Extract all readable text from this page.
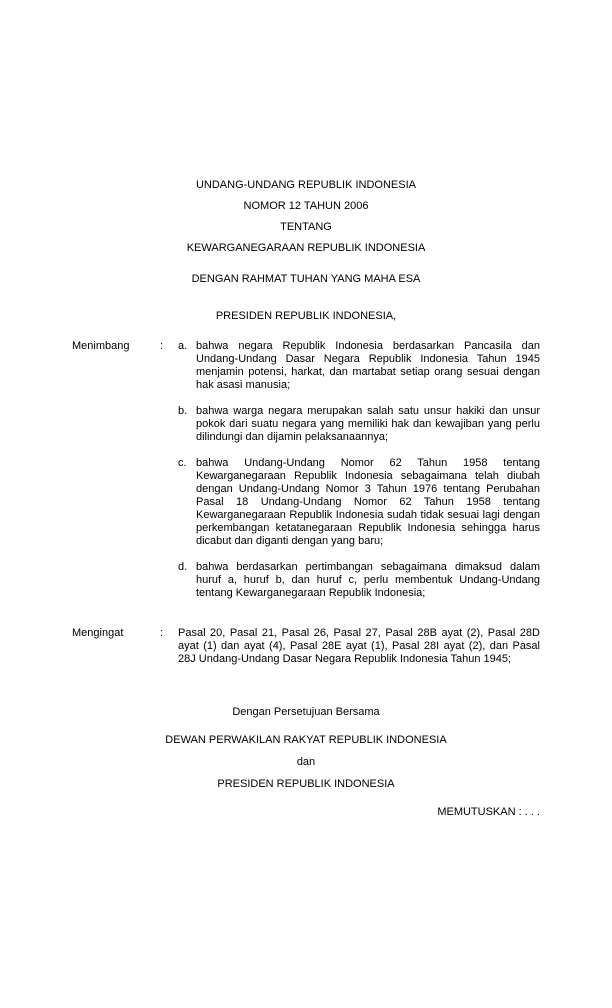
UNDANG-UNDANG REPUBLIK INDONESIA
NOMOR 12 TAHUN 2006
TENTANG
KEWARGANEGARAAN REPUBLIK INDONESIA
DENGAN RAHMAT TUHAN YANG MAHA ESA
PRESIDEN REPUBLIK INDONESIA,
Menimbang	:	a. bahwa negara Republik Indonesia berdasarkan Pancasila dan Undang-Undang Dasar Negara Republik Indonesia Tahun 1945 menjamin potensi, harkat, dan martabat setiap orang sesuai dengan hak asasi manusia;
b. bahwa warga negara merupakan salah satu unsur hakiki dan unsur pokok dari suatu negara yang memiliki hak dan kewajiban yang perlu dilindungi dan dijamin pelaksanaannya;
c. bahwa Undang-Undang Nomor 62 Tahun 1958 tentang Kewarganegaraan Republik Indonesia sebagaimana telah diubah dengan Undang-Undang Nomor 3 Tahun 1976 tentang Perubahan Pasal 18 Undang-Undang Nomor 62 Tahun 1958 tentang Kewarganegaraan Republik Indonesia sudah tidak sesuai lagi dengan perkembangan ketatanegaraan Republik Indonesia sehingga harus dicabut dan diganti dengan yang baru;
d. bahwa berdasarkan pertimbangan sebagaimana dimaksud dalam huruf a, huruf b, dan huruf c, perlu membentuk Undang-Undang tentang Kewarganegaraan Republik Indonesia;
Mengingat	:	Pasal 20, Pasal 21, Pasal 26, Pasal 27, Pasal 28B ayat (2), Pasal 28D ayat (1) dan ayat (4), Pasal 28E ayat (1), Pasal 28I ayat (2), dan Pasal 28J Undang-Undang Dasar Negara Republik Indonesia Tahun 1945;
Dengan Persetujuan Bersama
DEWAN PERWAKILAN RAKYAT REPUBLIK INDONESIA
dan
PRESIDEN REPUBLIK INDONESIA
MEMUTUSKAN : . . .
